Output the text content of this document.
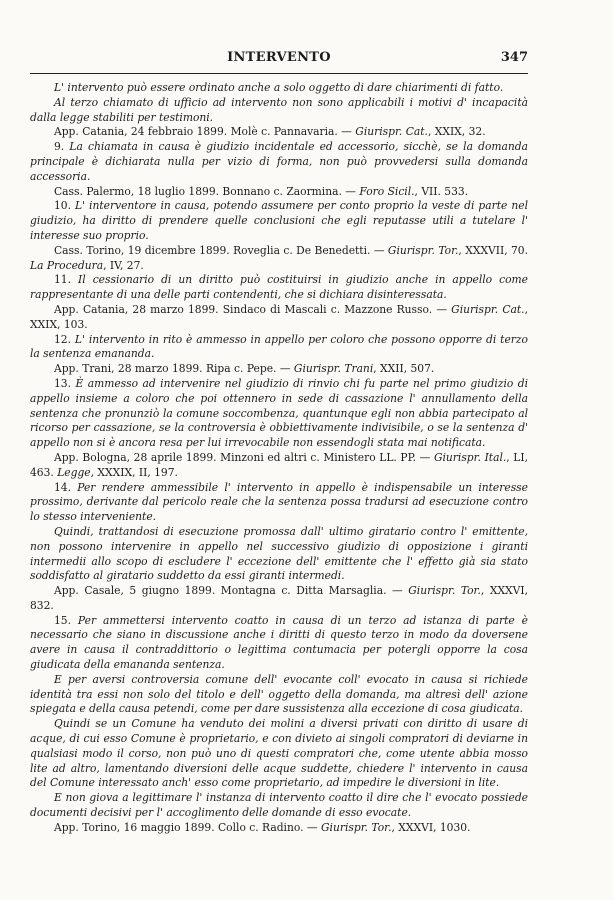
INTERVENTO	347

L' intervento può essere ordinato anche a solo oggetto di dare chiarimenti di fatto.

Al terzo chiamato di ufficio ad intervento non sono applicabili i motivi d' incapacità dalla legge stabiliti per testimoni.

App. Catania, 24 febbraio 1899. Molè c. Pannavaria. — Giurispr. Cat., XXIX, 32.

9. La chiamata in causa è giudizio incidentale ed accessorio, sicchè, se la domanda principale è dichiarata nulla per vizio di forma, non può provvedersi sulla domanda accessoria.

Cass. Palermo, 18 luglio 1899. Bonnano c. Zaormina. — Foro Sicil., VII. 533.

10. L' interventore in causa, potendo assumere per conto proprio la veste di parte nel giudizio, ha diritto di prendere quelle conclusioni che egli reputasse utili a tutelare l' interesse suo proprio.

Cass. Torino, 19 dicembre 1899. Roveglia c. De Benedetti. — Giurispr. Tor., XXXVII, 70. La Procedura, IV, 27.

11. Il cessionario di un diritto può costituirsi in giudizio anche in appello come rappresentante di una delle parti contendenti, che si dichiara disinteressata.

App. Catania, 28 marzo 1899. Sindaco di Mascali c. Mazzone Russo. — Giurispr. Cat., XXIX, 103.

12. L' intervento in rito è ammesso in appello per coloro che possono opporre di terzo la sentenza emananda.

App. Trani, 28 marzo 1899. Ripa c. Pepe. — Giurispr. Trani, XXII, 507.

13. È ammesso ad intervenire nel giudizio di rinvio chi fu parte nel primo giudizio di appello insieme a coloro che poi ottennero in sede di cassazione l' annullamento della sentenza che pronunziò la comune soccombenza, quantunque egli non abbia partecipato al ricorso per cassazione, se la controversia è obbiettivamente indivisibile, o se la sentenza d' appello non si è ancora resa per lui irrevocabile non essendogli stata mai notificata.

App. Bologna, 28 aprile 1899. Minzoni ed altri c. Ministero LL. PP. — Giurispr. Ital., LI, 463. Legge, XXXIX, II, 197.

14. Per rendere ammessibile l' intervento in appello è indispensabile un interesse prossimo, derivante dal pericolo reale che la sentenza possa tradursi ad esecuzione contro lo stesso interveniente.

Quindi, trattandosi di esecuzione promossa dall' ultimo giratario contro l' emittente, non possono intervenire in appello nel successivo giudizio di opposizione i giranti intermedii allo scopo di escludere l' eccezione dell' emittente che l' effetto già sia stato soddisfatto al giratario suddetto da essi giranti intermedi.

App. Casale, 5 giugno 1899. Montagna c. Ditta Marsaglia. — Giurispr. Tor., XXXVI, 832.

15. Per ammettersi intervento coatto in causa di un terzo ad istanza di parte è necessario che siano in discussione anche i diritti di questo terzo in modo da doversene avere in causa il contraddittorio o legittima contumacia per potergli opporre la cosa giudicata della emananda sentenza.

E per aversi controversia comune dell' evocante coll' evocato in causa si richiede identità tra essi non solo del titolo e dell' oggetto della domanda, ma altresì dell' azione spiegata e della causa petendi, come per dare sussistenza alla eccezione di cosa giudicata.

Quindi se un Comune ha venduto dei molini a diversi privati con diritto di usare di acque, di cui esso Comune è proprietario, e con divieto ai singoli compratori di deviarne in qualsiasi modo il corso, non può uno di questi compratori che, come utente abbia mosso lite ad altro, lamentando diversioni delle acque suddette, chiedere l' intervento in causa del Comune interessato anch' esso come proprietario, ad impedire le diversioni in lite.

E non giova a legittimare l' instanza di intervento coatto il dire che l' evocato possiede documenti decisivi per l' accoglimento delle domande di esso evocate.

App. Torino, 16 maggio 1899. Collo c. Radino. — Giurispr. Tor., XXXVI, 1030.
